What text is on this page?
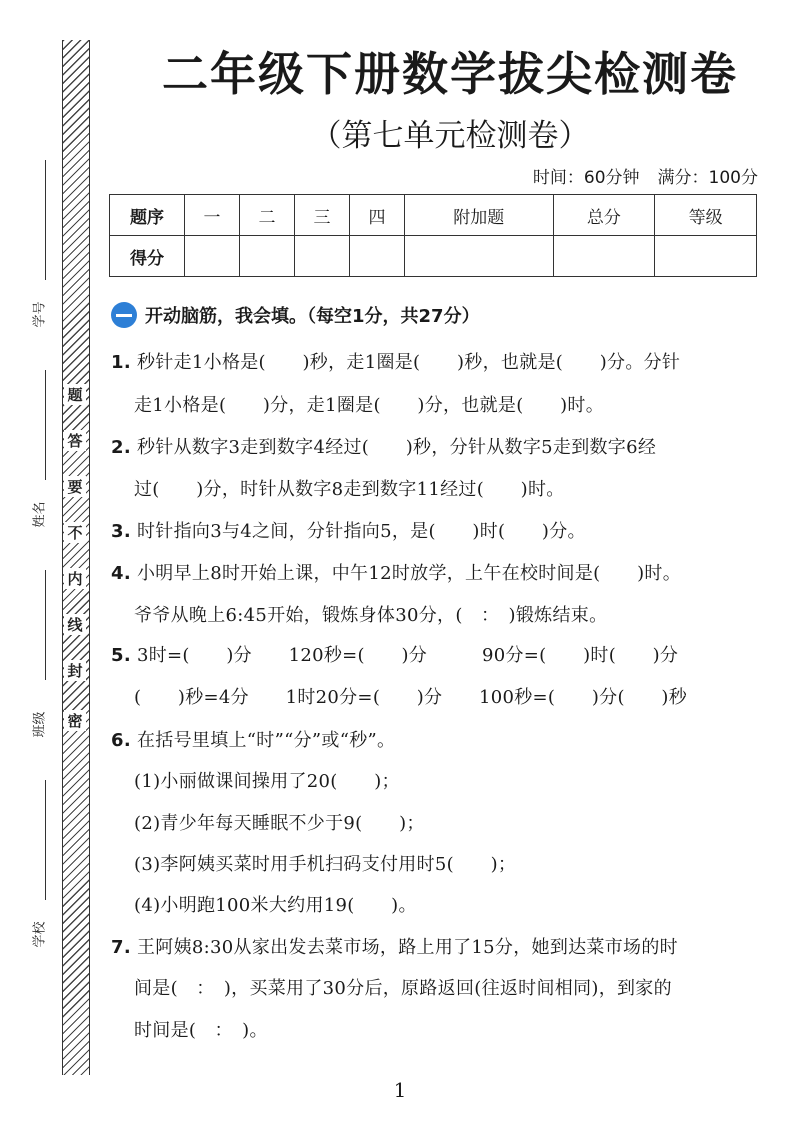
题
答
要
不
内
线
封
密
学号
姓名
班级
学校
二年级下册数学拔尖检测卷
（第七单元检测卷）
时间：60分钟 满分：100分
题序	一	二	三	四	附加题	总分	等级
得分							
开动脑筋，我会填。（每空1分，共27分）
1. 秒针走1小格是(　　)秒，走1圈是(　　)秒，也就是(　　)分。分针
走1小格是(　　)分，走1圈是(　　)分，也就是(　　)时。
2. 秒针从数字3走到数字4经过(　　)秒，分针从数字5走到数字6经
过(　　)分，时针从数字8走到数字11经过(　　)时。
3. 时针指向3与4之间，分针指向5，是(　　)时(　　)分。
4. 小明早上8时开始上课，中午12时放学，上午在校时间是(　　)时。
爷爷从晚上6:45开始，锻炼身体30分，(　：　)锻炼结束。
5. 3时=(　　)分　　120秒=(　　)分　　　90分=(　　)时(　　)分
(　　)秒=4分　　1时20分=(　　)分　　100秒=(　　)分(　　)秒
6. 在括号里填上“时”“分”或“秒”。
(1)小丽做课间操用了20(　　)；
(2)青少年每天睡眠不少于9(　　)；
(3)李阿姨买菜时用手机扫码支付用时5(　　)；
(4)小明跑100米大约用19(　　)。
7. 王阿姨8:30从家出发去菜市场，路上用了15分，她到达菜市场的时
间是(　：　)，买菜用了30分后，原路返回(往返时间相同)，到家的
时间是(　：　)。
1
